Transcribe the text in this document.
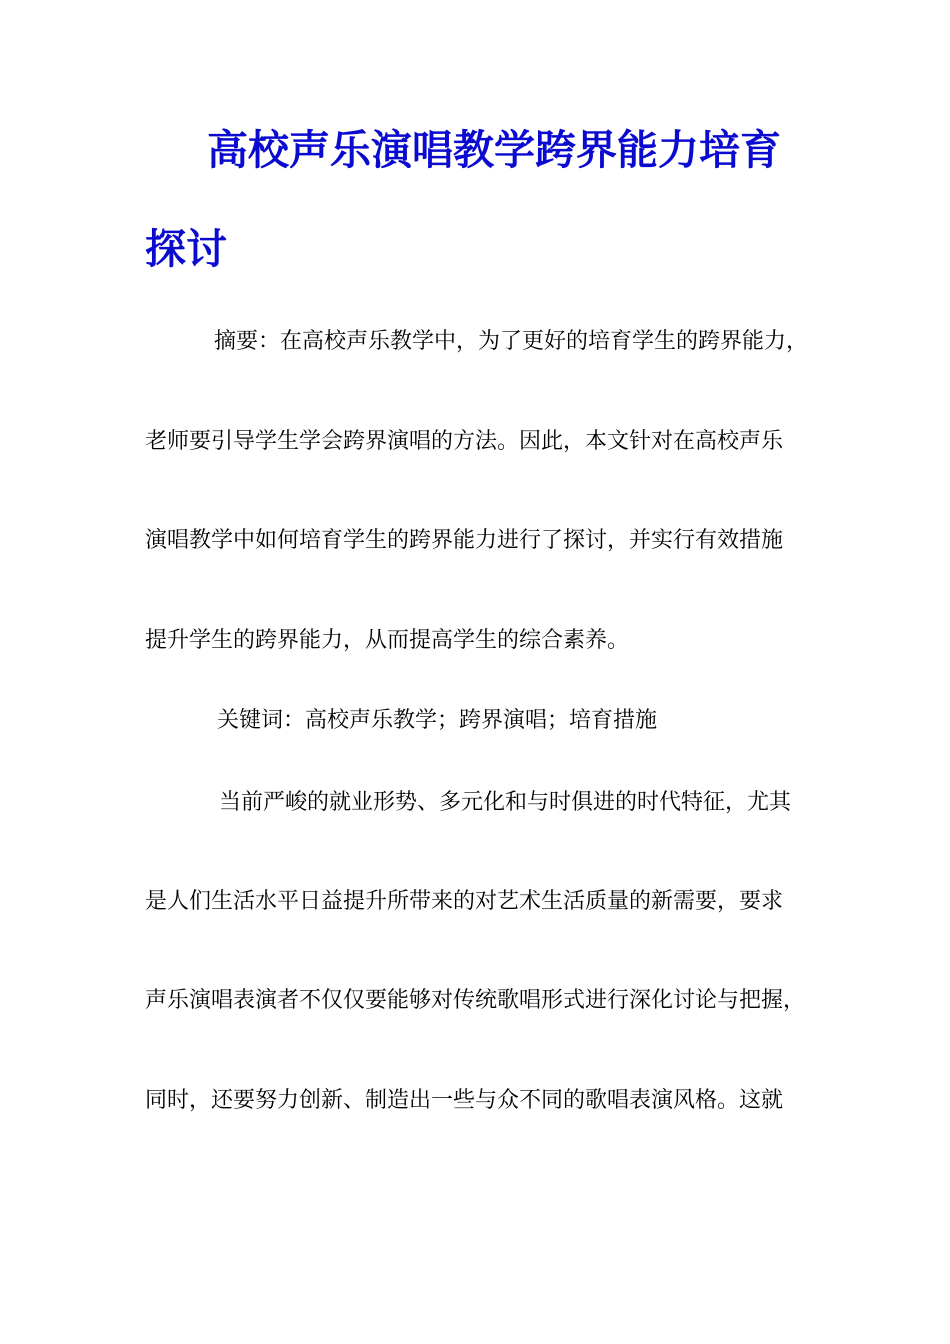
高校声乐演唱教学跨界能力培育
探讨

摘要：在高校声乐教学中，为了更好的培育学生的跨界能力，

老师要引导学生学会跨界演唱的方法。因此，本文针对在高校声乐

演唱教学中如何培育学生的跨界能力进行了探讨，并实行有效措施

提升学生的跨界能力，从而提高学生的综合素养。

关键词：高校声乐教学；跨界演唱；培育措施

当前严峻的就业形势、多元化和与时俱进的时代特征，尤其

是人们生活水平日益提升所带来的对艺术生活质量的新需要，要求

声乐演唱表演者不仅仅要能够对传统歌唱形式进行深化讨论与把握，

同时，还要努力创新、制造出一些与众不同的歌唱表演风格。这就
